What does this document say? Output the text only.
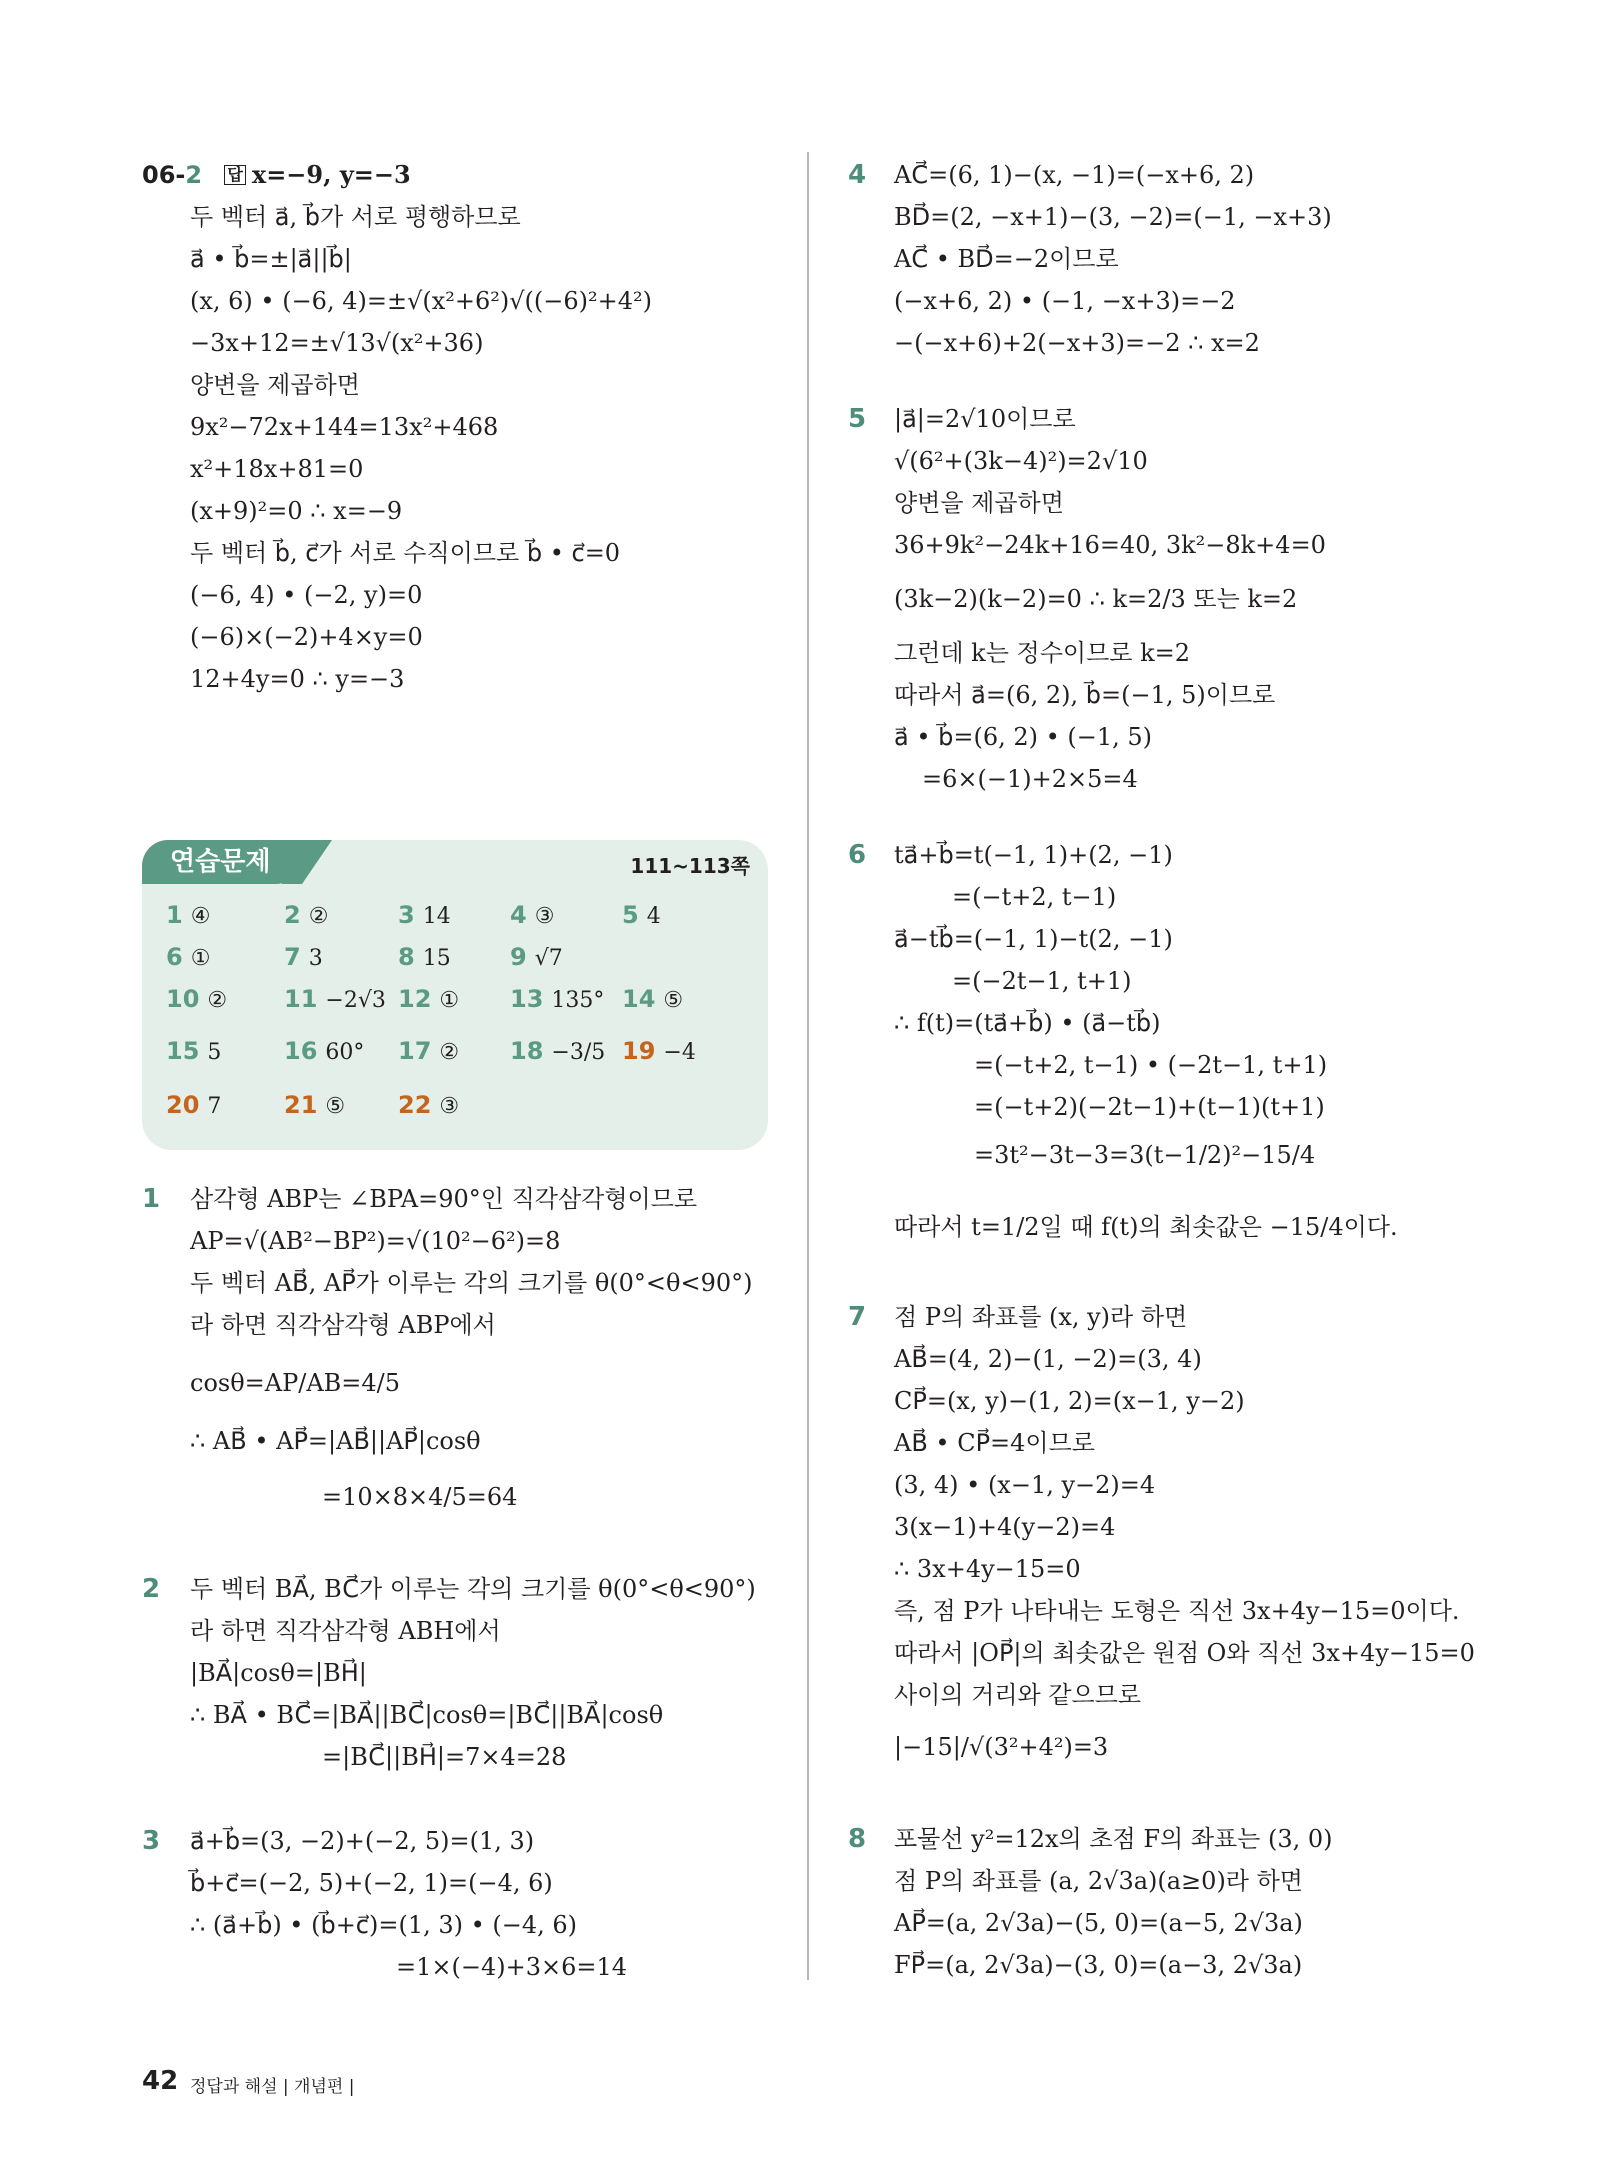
06-2 답 x=−9, y=−3
두 벡터 a⃗, b⃗가 서로 평행하므로
a⃗ • b⃗=±|a⃗||b⃗|
(x, 6) • (−6, 4)=±√(x²+6²)√((−6)²+4²)
−3x+12=±√13√(x²+36)
양변을 제곱하면
9x²−72x+144=13x²+468
x²+18x+81=0
(x+9)²=0 ∴ x=−9
두 벡터 b⃗, c⃗가 서로 수직이므로 b⃗ • c⃗=0
(−6, 4) • (−2, y)=0
(−6)×(−2)+4×y=0
12+4y=0 ∴ y=−3
연습문제	111~113쪽
1 ④	2 ②	3 14 4 ③	5 4
6 ①	7 3	8 15 9 √7
10 ② 11 −2√3 12 ① 13 135° 14 ⑤
15 5	16 60° 17 ② 18 −3/5 19 −4
20 7	21 ⑤ 22 ③
1 삼각형 ABP는 ∠BPA=90°인 직각삼각형이므로
AP=√(AB²−BP²)=√(10²−6²)=8
두 벡터 AB⃗, AP⃗가 이루는 각의 크기를 θ(0°<θ<90°)
라 하면 직각삼각형 ABP에서
cosθ=AP/AB=4/5
∴ AB⃗ • AP⃗=|AB⃗||AP⃗|cosθ
=10×8×4/5=64
2 두 벡터 BA⃗, BC⃗가 이루는 각의 크기를 θ(0°<θ<90°)
라 하면 직각삼각형 ABH에서
|BA⃗|cosθ=|BH⃗|
∴ BA⃗ • BC⃗=|BA⃗||BC⃗|cosθ=|BC⃗||BA⃗|cosθ
=|BC⃗||BH⃗|=7×4=28
3 a⃗+b⃗=(3, −2)+(−2, 5)=(1, 3)
b⃗+c⃗=(−2, 5)+(−2, 1)=(−4, 6)
∴ (a⃗+b⃗) • (b⃗+c⃗)=(1, 3) • (−4, 6)
=1×(−4)+3×6=14
4 AC⃗=(6, 1)−(x, −1)=(−x+6, 2)
BD⃗=(2, −x+1)−(3, −2)=(−1, −x+3)
AC⃗ • BD⃗=−2이므로
(−x+6, 2) • (−1, −x+3)=−2
−(−x+6)+2(−x+3)=−2 ∴ x=2
5 |a⃗|=2√10이므로
√(6²+(3k−4)²)=2√10
양변을 제곱하면
36+9k²−24k+16=40, 3k²−8k+4=0
(3k−2)(k−2)=0 ∴ k=2/3 또는 k=2
그런데 k는 정수이므로 k=2
따라서 a⃗=(6, 2), b⃗=(−1, 5)이므로
a⃗ • b⃗=(6, 2) • (−1, 5)
=6×(−1)+2×5=4
6 ta⃗+b⃗=t(−1, 1)+(2, −1)
=(−t+2, t−1)
a⃗−tb⃗=(−1, 1)−t(2, −1)
=(−2t−1, t+1)
∴ f(t)=(ta⃗+b⃗) • (a⃗−tb⃗)
=(−t+2, t−1) • (−2t−1, t+1)
=(−t+2)(−2t−1)+(t−1)(t+1)
=3t²−3t−3=3(t−1/2)²−15/4
따라서 t=1/2일 때 f(t)의 최솟값은 −15/4이다.
7 점 P의 좌표를 (x, y)라 하면
AB⃗=(4, 2)−(1, −2)=(3, 4)
CP⃗=(x, y)−(1, 2)=(x−1, y−2)
AB⃗ • CP⃗=4이므로
(3, 4) • (x−1, y−2)=4
3(x−1)+4(y−2)=4
∴ 3x+4y−15=0
즉, 점 P가 나타내는 도형은 직선 3x+4y−15=0이다.
따라서 |OP⃗|의 최솟값은 원점 O와 직선 3x+4y−15=0
사이의 거리와 같으므로
|−15|/√(3²+4²)=3
8 포물선 y²=12x의 초점 F의 좌표는 (3, 0)
점 P의 좌표를 (a, 2√3a)(a≥0)라 하면
AP⃗=(a, 2√3a)−(5, 0)=(a−5, 2√3a)
FP⃗=(a, 2√3a)−(3, 0)=(a−3, 2√3a)
42 정답과 해설 | 개념편 |
